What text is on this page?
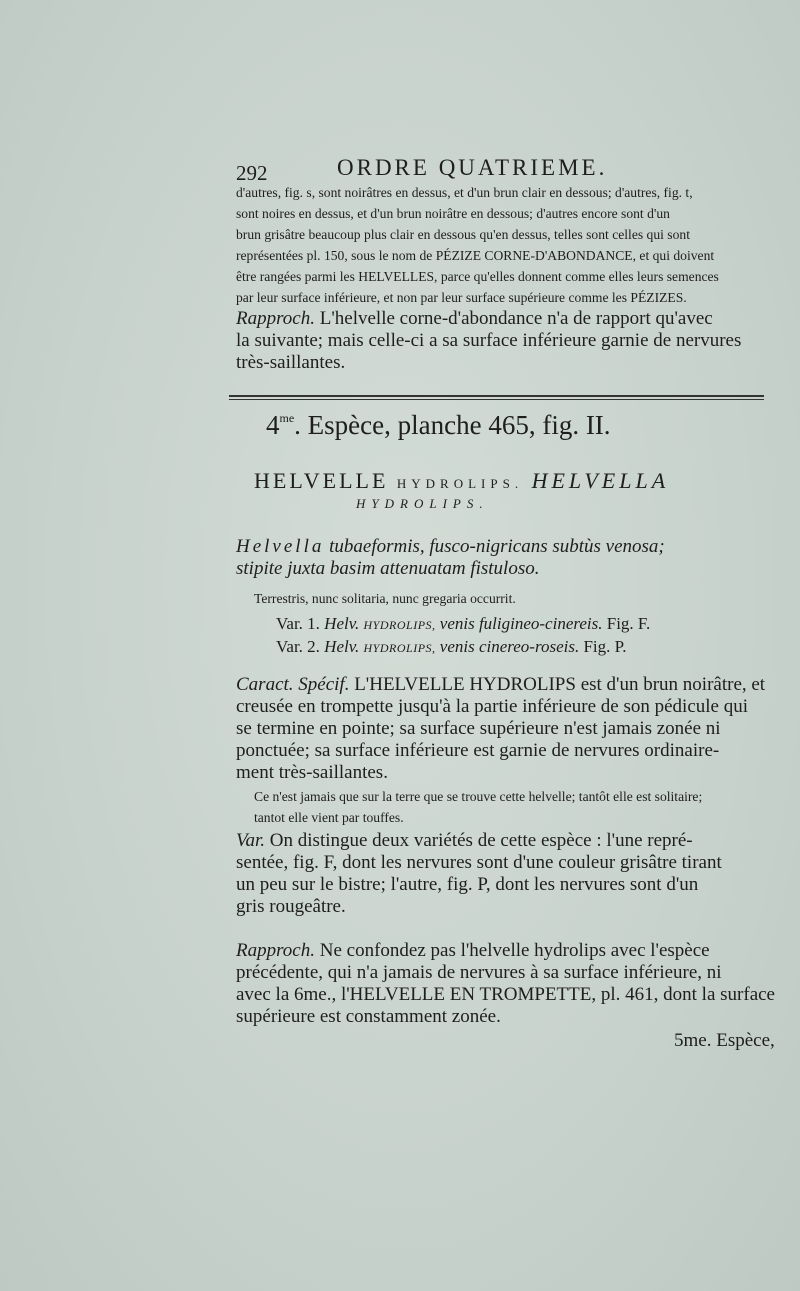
292	ORDRE QUATRIEME.
d'autres, fig. s, sont noirâtres en dessus, et d'un brun clair en dessous; d'autres, fig. t,
sont noires en dessus, et d'un brun noirâtre en dessous; d'autres encore sont d'un
brun grisâtre beaucoup plus clair en dessous qu'en dessus, telles sont celles qui sont
représentées pl. 150, sous le nom de PÉZIZE CORNE-D'ABONDANCE, et qui doivent
être rangées parmi les HELVELLES, parce qu'elles donnent comme elles leurs semences
par leur surface inférieure, et non par leur surface supérieure comme les PÉZIZES.
Rapproch. L'helvelle corne-d'abondance n'a de rapport qu'avec
la suivante; mais celle-ci a sa surface inférieure garnie de nervures
très-saillantes.
$4^{me}$. Espèce, planche 465, fig. II.
HELVELLE HYDROLIPS. HELVELLA
HYDROLIPS.
Helvella tubaeformis, fusco-nigricans subtùs venosa;
stipite juxta basim attenuatam fistuloso.
Terrestris, nunc solitaria, nunc gregaria occurrit.
Var. 1. Helv. HYDROLIPS, venis fuligineo-cinereis. Fig. F.
Var. 2. Helv. HYDROLIPS, venis cinereo-roseis. Fig. P.
Caract. Spécif. L'HELVELLE HYDROLIPS est d'un brun noirâtre, et
creusée en trompette jusqu'à la partie inférieure de son pédicule qui
se termine en pointe; sa surface supérieure n'est jamais zonée ni
ponctuée; sa surface inférieure est garnie de nervures ordinaire-
ment très-saillantes.
Ce n'est jamais que sur la terre que se trouve cette helvelle; tantôt elle est solitaire;
tantot elle vient par touffes.
Var. On distingue deux variétés de cette espèce : l'une repré-
sentée, fig. F, dont les nervures sont d'une couleur grisâtre tirant
un peu sur le bistre; l'autre, fig. P, dont les nervures sont d'un
gris rougeâtre.
Rapproch. Ne confondez pas l'helvelle hydrolips avec l'espèce
précédente, qui n'a jamais de nervures à sa surface inférieure, ni
avec la 6me., l'HELVELLE EN TROMPETTE, pl. 461, dont la surface
supérieure est constamment zonée.
5me. Espèce,
